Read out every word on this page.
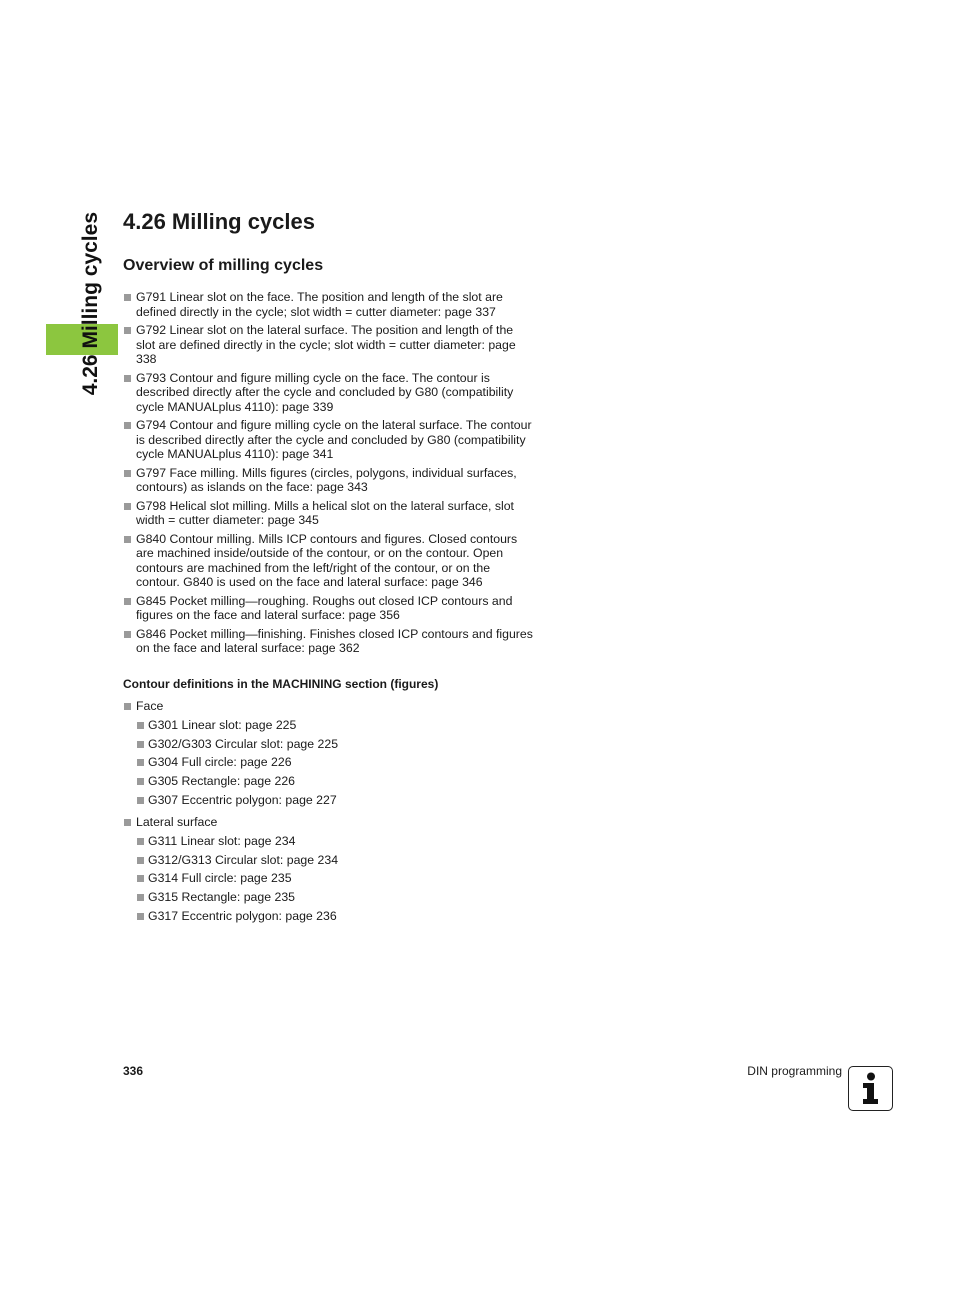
4.26 Milling cycles 4.26 Milling cycles
Overview of milling cycles
G791 Linear slot on the face. The position and length of the slot are defined directly in the cycle; slot width = cutter diameter: page 337
G792 Linear slot on the lateral surface. The position and length of the slot are defined directly in the cycle; slot width = cutter diameter: page 338
G793 Contour and figure milling cycle on the face. The contour is described directly after the cycle and concluded by G80 (compatibility cycle MANUALplus 4110): page 339
G794 Contour and figure milling cycle on the lateral surface. The contour is described directly after the cycle and concluded by G80 (compatibility cycle MANUALplus 4110): page 341
G797 Face milling. Mills figures (circles, polygons, individual surfaces, contours) as islands on the face: page 343
G798 Helical slot milling. Mills a helical slot on the lateral surface, slot width = cutter diameter: page 345
G840 Contour milling. Mills ICP contours and figures. Closed contours are machined inside/outside of the contour, or on the contour. Open contours are machined from the left/right of the contour, or on the contour. G840 is used on the face and lateral surface: page 346
G845 Pocket milling—roughing. Roughs out closed ICP contours and figures on the face and lateral surface: page 356
G846 Pocket milling—finishing. Finishes closed ICP contours and figures on the face and lateral surface: page 362
Contour definitions in the MACHINING section (figures)
Face
G301 Linear slot: page 225
G302/G303 Circular slot: page 225
G304 Full circle: page 226
G305 Rectangle: page 226
G307 Eccentric polygon: page 227
Lateral surface
G311 Linear slot: page 234
G312/G313 Circular slot: page 234
G314 Full circle: page 235
G315 Rectangle: page 235
G317 Eccentric polygon: page 236
336	DIN programming
